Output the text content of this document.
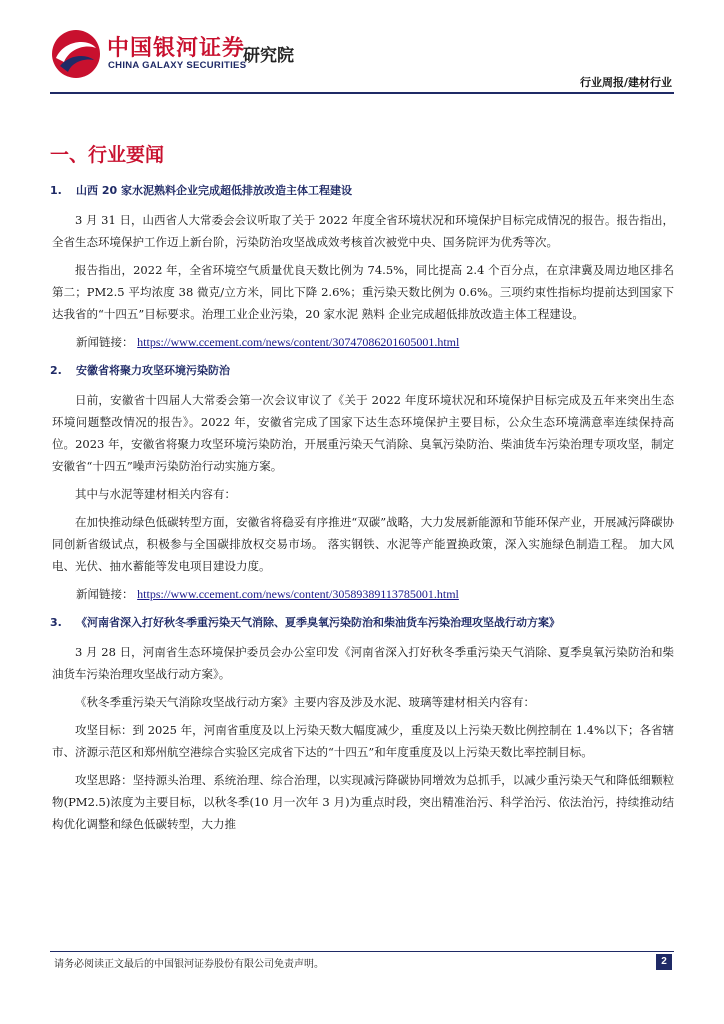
中国银河证券
CHINA GALAXY SECURITIES
研究院
行业周报/建材行业
一、行业要闻
1.	山西 20 家水泥熟料企业完成超低排放改造主体工程建设

3 月 31 日，山西省人大常委会会议听取了关于 2022 年度全省环境状况和环境保护目标完成情况的报告。报告指出，全省生态环境保护工作迈上新台阶，污染防治攻坚战成效考核首次被党中央、国务院评为优秀等次。

报告指出，2022 年，全省环境空气质量优良天数比例为 74.5%，同比提高 2.4 个百分点，在京津冀及周边地区排名第二；PM2.5 平均浓度 38 微克/立方米，同比下降 2.6%；重污染天数比例为 0.6%。三项约束性指标均提前达到国家下达我省的“十四五”目标要求。治理工业企业污染，20 家水泥 熟料 企业完成超低排放改造主体工程建设。

新闻链接： https://www.ccement.com/news/content/30747086201605001.html
2.	安徽省将聚力攻坚环境污染防治

日前，安徽省十四届人大常委会第一次会议审议了《关于 2022 年度环境状况和环境保护目标完成及五年来突出生态环境问题整改情况的报告》。2022 年，安徽省完成了国家下达生态环境保护主要目标，公众生态环境满意率连续保持高位。2023 年，安徽省将聚力攻坚环境污染防治，开展重污染天气消除、臭氧污染防治、柴油货车污染治理专项攻坚，制定安徽省“十四五”噪声污染防治行动实施方案。

其中与水泥等建材相关内容有：

在加快推动绿色低碳转型方面，安徽省将稳妥有序推进“双碳”战略，大力发展新能源和节能环保产业，开展减污降碳协同创新省级试点，积极参与全国碳排放权交易市场。 落实钢铁、水泥等产能置换政策，深入实施绿色制造工程。 加大风电、光伏、抽水蓄能等发电项目建设力度。

新闻链接： https://www.ccement.com/news/content/30589389113785001.html
3.	《河南省深入打好秋冬季重污染天气消除、夏季臭氧污染防治和柴油货车污染治理攻坚战行动方案》

3 月 28 日，河南省生态环境保护委员会办公室印发《河南省深入打好秋冬季重污染天气消除、夏季臭氧污染防治和柴油货车污染治理攻坚战行动方案》。

《秋冬季重污染天气消除攻坚战行动方案》主要内容及涉及水泥、玻璃等建材相关内容有：

攻坚目标：到 2025 年，河南省重度及以上污染天数大幅度减少，重度及以上污染天数比例控制在 1.4%以下；各省辖市、济源示范区和郑州航空港综合实验区完成省下达的“十四五”和年度重度及以上污染天数比率控制目标。

攻坚思路：坚持源头治理、系统治理、综合治理，以实现减污降碳协同增效为总抓手，以减少重污染天气和降低细颗粒物(PM2.5)浓度为主要目标，以秋冬季(10 月一次年 3 月)为重点时段，突出精准治污、科学治污、依法治污，持续推动结构优化调整和绿色低碳转型，大力推

请务必阅读正文最后的中国银河证券股份有限公司免责声明。	2
